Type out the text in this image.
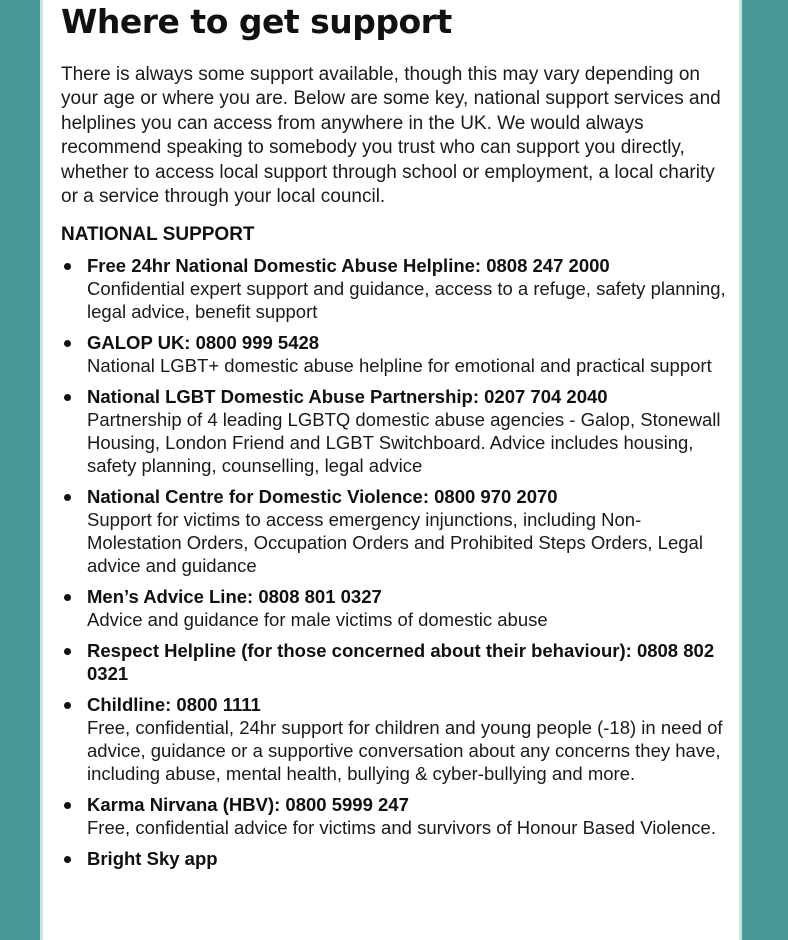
Where to get support

There is always some support available, though this may vary depending on your age or where you are. Below are some key, national support services and helplines you can access from anywhere in the UK. We would always recommend speaking to somebody you trust who can support you directly, whether to access local support through school or employment, a local charity or a service through your local council.

NATIONAL SUPPORT
Free 24hr National Domestic Abuse Helpline: 0808 247 2000
Confidential expert support and guidance, access to a refuge, safety planning, legal advice, benefit support
GALOP UK: 0800 999 5428
National LGBT+ domestic abuse helpline for emotional and practical support
National LGBT Domestic Abuse Partnership: 0207 704 2040
Partnership of 4 leading LGBTQ domestic abuse agencies - Galop, Stonewall Housing, London Friend and LGBT Switchboard. Advice includes housing, safety planning, counselling, legal advice
National Centre for Domestic Violence: 0800 970 2070
Support for victims to access emergency injunctions, including Non-Molestation Orders, Occupation Orders and Prohibited Steps Orders, Legal advice and guidance
Men’s Advice Line: 0808 801 0327
Advice and guidance for male victims of domestic abuse
Respect Helpline (for those concerned about their behaviour): 0808 802 0321
Childline: 0800 1111
Free, confidential, 24hr support for children and young people (-18) in need of advice, guidance or a supportive conversation about any concerns they have, including abuse, mental health, bullying & cyber-bullying and more.
Karma Nirvana (HBV): 0800 5999 247
Free, confidential advice for victims and survivors of Honour Based Violence.
Bright Sky app
